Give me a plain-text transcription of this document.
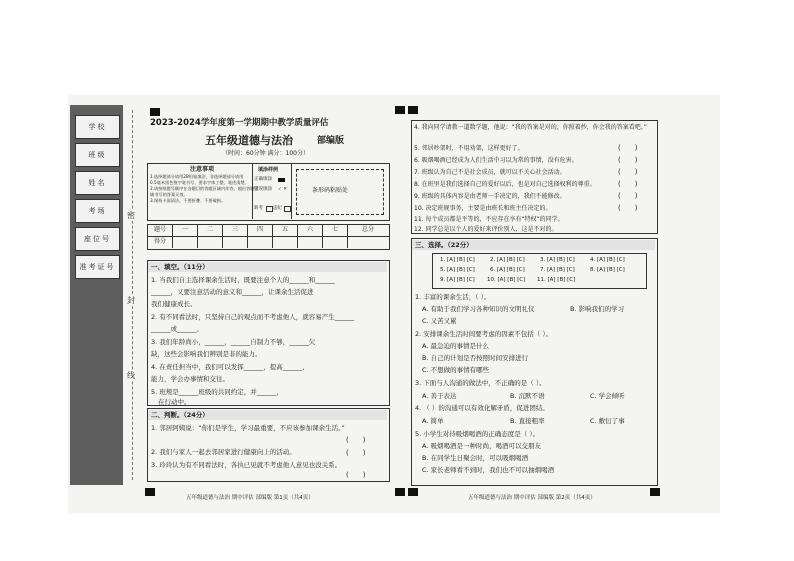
学校
班级
姓名
考场
座位号
准考证号
密
封
线
2023-2024学年度第一学期期中教学质量评估
五年级道德与法治	部编版
（时间：60分钟 满分：100分）
注意事项
1.选择题部分请用2B铅笔填涂，非选择题部分请用
0.5毫米黑色签字笔书写，要求字体工整，笔迹清楚。
2.请按照题号顺序在各题目的答题区域内作答，超出答题区
域书写的答案无效。
3.保持卡面清洁，不要折叠、不要破损。
填涂样例
正确填涂
错误填涂 ✓ ✕
缺考 违纪
条形码粘贴处
题号	一	二	三	四	五	六	七	总分
得分
一、填空。（11分）
1. 当我们自主选择课余生活时，既要注意个人的______和______
______，又要注意活动的意义和______，让课余生活促进
我们健康成长。
2. 有不同看法时，只坚持自己的观点而不考虑他人，就容易产生______
______或______。
3. 我们年龄尚小，______，______自制力不够，______欠
缺，这些会影响我们辨别是非的能力。
4. 在责任担当中，我们可以发挥______，提高______、
能力，学会办事情和交往。
5. 班规是______班级的共同约定，并______，
在行动中。
二、判断。（24分）
1. 邻居阿姨说：“你们是学生，学习最重要，不应该参加课余生活。”
(　　)
2. 我们与家人一起去邻居家进行健康向上的活动。	(　　)
3. 玲玲认为有不同看法时，各执已见就不考虑他人意见也没关系。
(　　)
五年级道德与法治 期中评估 部编版 第1页（共4页）
4. 我向同学请教一道数学题，他说：“我的答案是对的，你照着抄，你会我的答案看吧。”
5. 邻居吵架时，不用劝架，这样更好了。
6. 吸烟喝酒已经成为人们生活中习以为常的事情，没有危害。
7. 班级认为自己不是社会成员，就可以不关心社会活动。
8. 在班里是我们选择自己的爱好以后，也是对自己选择权利的尊重。
9. 班级的具体内容是由老师一手决定的，我们不能修改。
10. 决定班规事务，主要是由班长和班主任决定的。
11. 每个成员都是平等的，不应存在享有“特权”的同学。
12. 同学总是以个人的爱好来评价别人，这是不对的。
(　　)
(　　)
(　　)
(　　)
(　　)
(　　)
三、选择。（22分）
1. [A] [B] [C]	2. [A] [B] [C]	3. [A] [B] [C]	4. [A] [B] [C]
5. [A] [B] [C]	6. [A] [B] [C]	7. [A] [B] [C]	8. [A] [B] [C]
9. [A] [B] [C] 10. [A] [B] [C] 11. [A] [B] [C]
1. 丰富的课余生活，（ ）。
A. 有助于我们学习各种知识的文明礼仪	B. 影响我们的学习
C. 又苦又累
2. 安排课余生活时间要考虑的因素不包括（ ）。
A. 最急迫的事情是什么
B. 自己的计划是否按照时间安排进行
C. 不想做的事情有哪些
3. 下面与人沟通的做法中，不正确的是（ ）。
A. 善于表达	B. 沉默不语	C. 学会倾听
4. （ ）的沟通可以有效化解矛盾，促进团结。
A. 简单	B. 直接粗率	C. 敷衍了事
5. 小学生对待吸烟喝酒的正确态度是（ ）。
A. 吸烟喝酒是一种时尚，喝酒可以交朋友
B. 在同学生日聚会时，可以吸烟喝酒
C. 家长老师看不到时，我们也不可以抽烟喝酒
五年级道德与法治 期中评估 部编版 第2页（共4页）
